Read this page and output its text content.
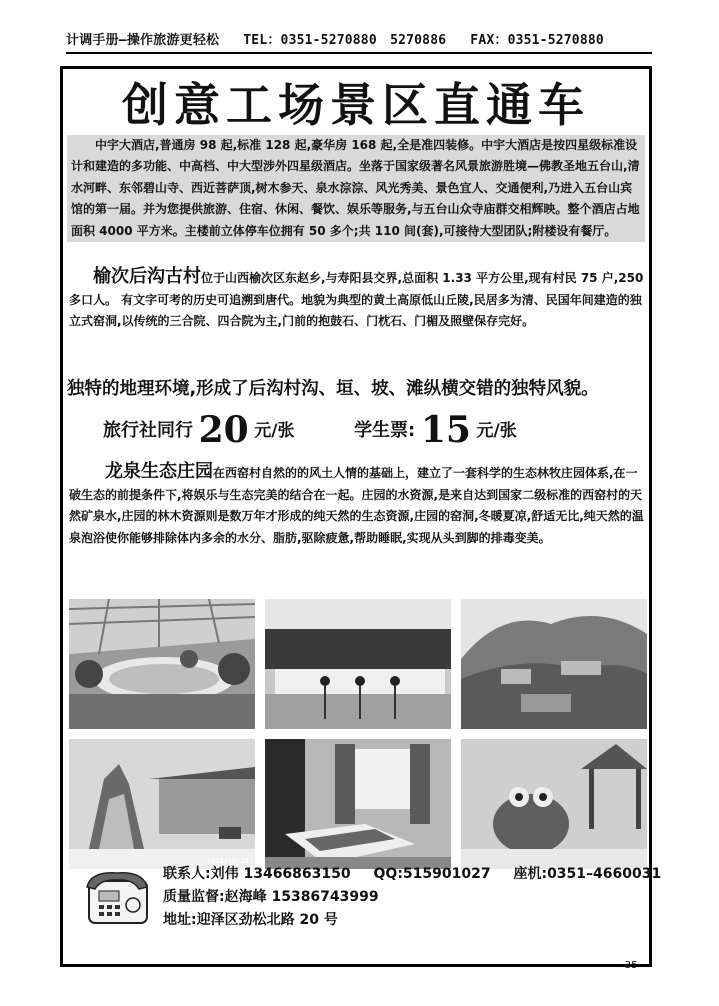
计调手册—操作旅游更轻松 TEL：0351-5270880　5270886 FAX：0351-5270880
创意工场景区直通车
中宇大酒店,普通房 98 起,标准 128 起,豪华房 168 起,全是准四装修。中宇大酒店是按四星级标准设计和建造的多功能、中高档、中大型涉外四星级酒店。坐落于国家级著名风景旅游胜境—佛教圣地五台山,清水河畔、东邻碧山寺、西近菩萨顶,树木参天、泉水淙淙、风光秀美、景色宜人、交通便利,乃进入五台山宾馆的第一届。并为您提供旅游、住宿、休闲、餐饮、娱乐等服务,与五台山众寺庙群交相辉映。整个酒店占地面积 4000 平方米。主楼前立体停车位拥有 50 多个;共 110 间(套),可接待大型团队;附楼设有餐厅。
榆次后沟古村位于山西榆次区东赵乡,与寿阳县交界,总面积 1.33 平方公里,现有村民 75 户,250 多口人。 有文字可考的历史可追溯到唐代。地貌为典型的黄土高原低山丘陵,民居多为清、民国年间建造的独立式窑洞,以传统的三合院、四合院为主,门前的抱鼓石、门枕石、门楣及照壁保存完好。
独特的地理环境,形成了后沟村沟、垣、坡、滩纵横交错的独特风貌。
旅行社同行 20 元/张	学生票: 15 元/张
龙泉生态庄园在西窑村自然的的风土人情的基础上，建立了一套科学的生态林牧庄园体系,在一破生态的前提条件下,将娱乐与生态完美的结合在一起。庄园的水资源,是来自达到国家二级标准的西窑村的天然矿泉水,庄园的林木资源则是数万年才形成的纯天然的生态资源,庄园的窑洞,冬暖夏凉,舒适无比,纯天然的温泉泡浴使你能够排除体内多余的水分、脂肪,驱除疲惫,帮助睡眠,实现从头到脚的排毒变美。
2011/10/26
联系人:刘伟 13466863150 QQ:515901027 座机:0351–4660031
质量监督:赵海峰 15386743999
地址:迎泽区劲松北路 20 号
- 35 -
